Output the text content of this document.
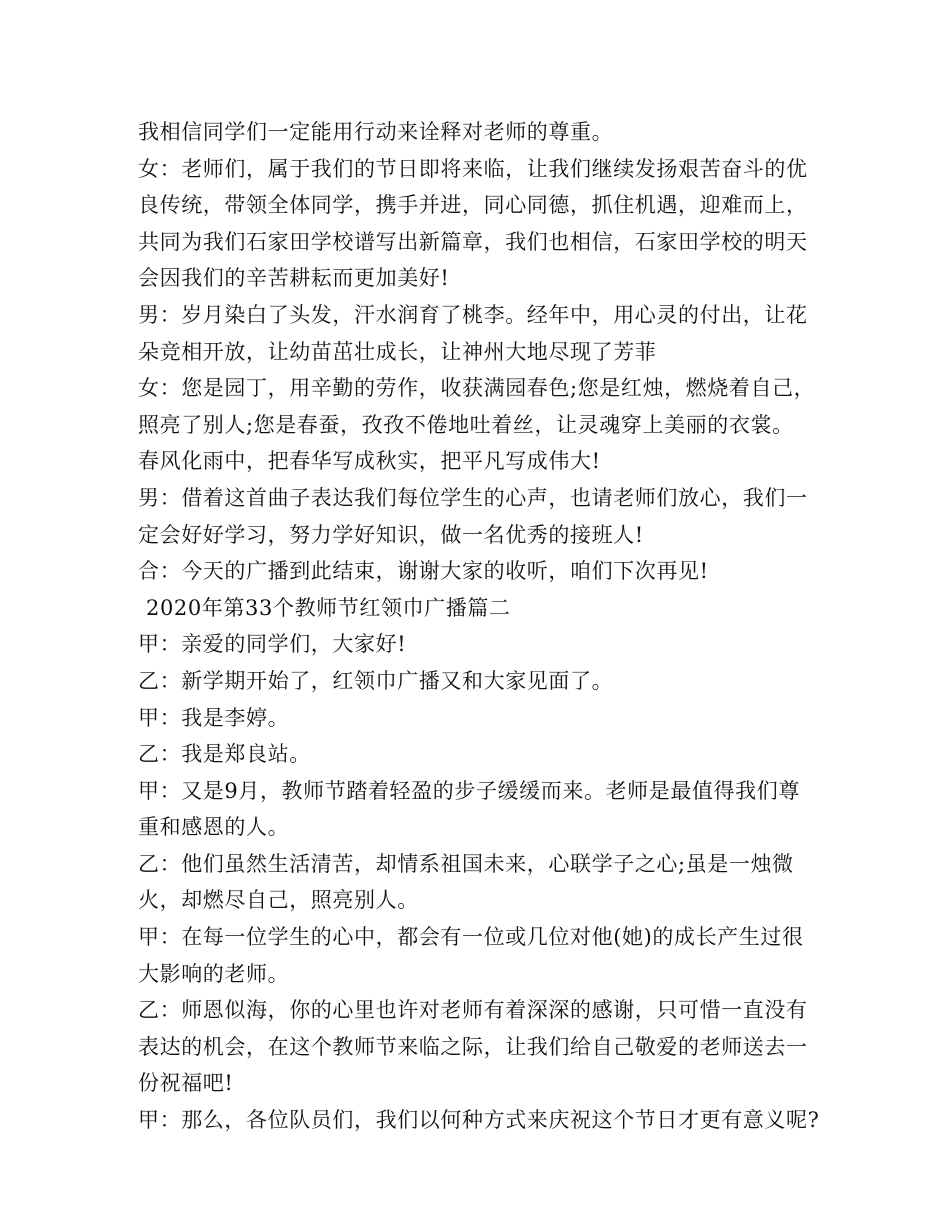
我相信同学们一定能用行动来诠释对老师的尊重。
女：老师们，属于我们的节日即将来临，让我们继续发扬艰苦奋斗的优
良传统，带领全体同学，携手并进，同心同德，抓住机遇，迎难而上，
共同为我们石家田学校谱写出新篇章，我们也相信，石家田学校的明天
会因我们的辛苦耕耘而更加美好!
男：岁月染白了头发，汗水润育了桃李。经年中，用心灵的付出，让花
朵竞相开放，让幼苗茁壮成长，让神州大地尽现了芳菲
女：您是园丁，用辛勤的劳作，收获满园春色;您是红烛，燃烧着自己，
照亮了别人;您是春蚕，孜孜不倦地吐着丝，让灵魂穿上美丽的衣裳。
春风化雨中，把春华写成秋实，把平凡写成伟大!
男：借着这首曲子表达我们每位学生的心声，也请老师们放心，我们一
定会好好学习，努力学好知识，做一名优秀的接班人!
合：今天的广播到此结束，谢谢大家的收听，咱们下次再见!
2020年第33个教师节红领巾广播篇二
甲：亲爱的同学们，大家好!
乙：新学期开始了，红领巾广播又和大家见面了。
甲：我是李婷。
乙：我是郑良站。
甲：又是9月，教师节踏着轻盈的步子缓缓而来。老师是最值得我们尊
重和感恩的人。
乙：他们虽然生活清苦，却情系祖国未来，心联学子之心;虽是一烛微
火，却燃尽自己，照亮别人。
甲：在每一位学生的心中，都会有一位或几位对他(她)的成长产生过很
大影响的老师。
乙：师恩似海，你的心里也许对老师有着深深的感谢，只可惜一直没有
表达的机会，在这个教师节来临之际，让我们给自己敬爱的老师送去一
份祝福吧!
甲：那么，各位队员们，我们以何种方式来庆祝这个节日才更有意义呢?
